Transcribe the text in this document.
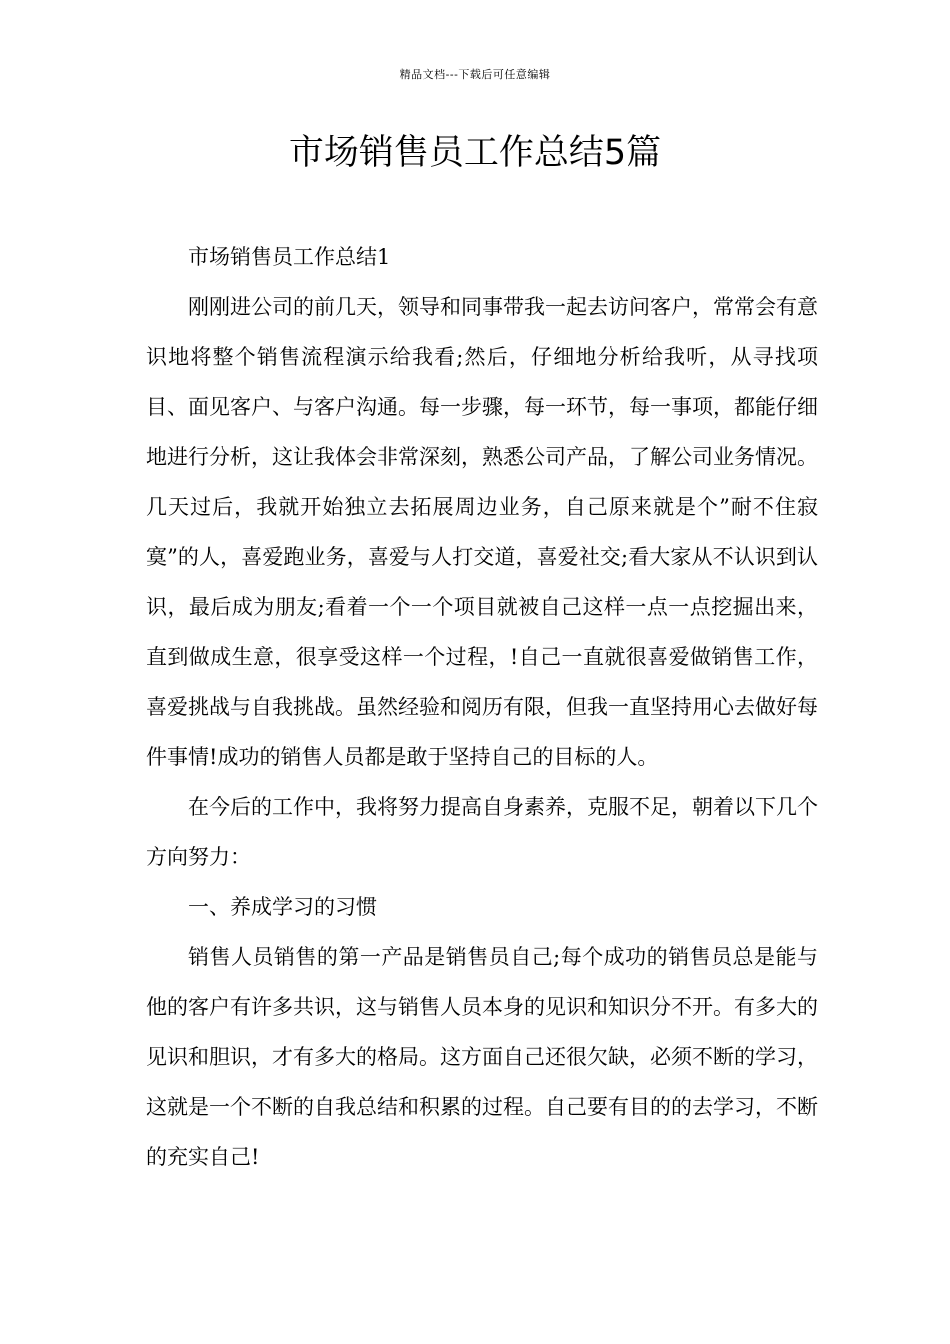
精品文档---下载后可任意编辑
市场销售员工作总结5篇

市场销售员工作总结1

刚刚进公司的前几天，领导和同事带我一起去访问客户，常常会有意识地将整个销售流程演示给我看;然后，仔细地分析给我听，从寻找项目、面见客户、与客户沟通。每一步骤，每一环节，每一事项，都能仔细地进行分析，这让我体会非常深刻，熟悉公司产品，了解公司业务情况。几天过后，我就开始独立去拓展周边业务，自己原来就是个”耐不住寂寞”的人，喜爱跑业务，喜爱与人打交道，喜爱社交;看大家从不认识到认识，最后成为朋友;看着一个一个项目就被自己这样一点一点挖掘出来，直到做成生意，很享受这样一个过程，!自己一直就很喜爱做销售工作，喜爱挑战与自我挑战。虽然经验和阅历有限，但我一直坚持用心去做好每件事情!成功的销售人员都是敢于坚持自己的目标的人。

在今后的工作中，我将努力提高自身素养，克服不足，朝着以下几个方向努力：

一、养成学习的习惯

销售人员销售的第一产品是销售员自己;每个成功的销售员总是能与他的客户有许多共识，这与销售人员本身的见识和知识分不开。有多大的见识和胆识，才有多大的格局。这方面自己还很欠缺，必须不断的学习，这就是一个不断的自我总结和积累的过程。自己要有目的的去学习，不断的充实自己!
